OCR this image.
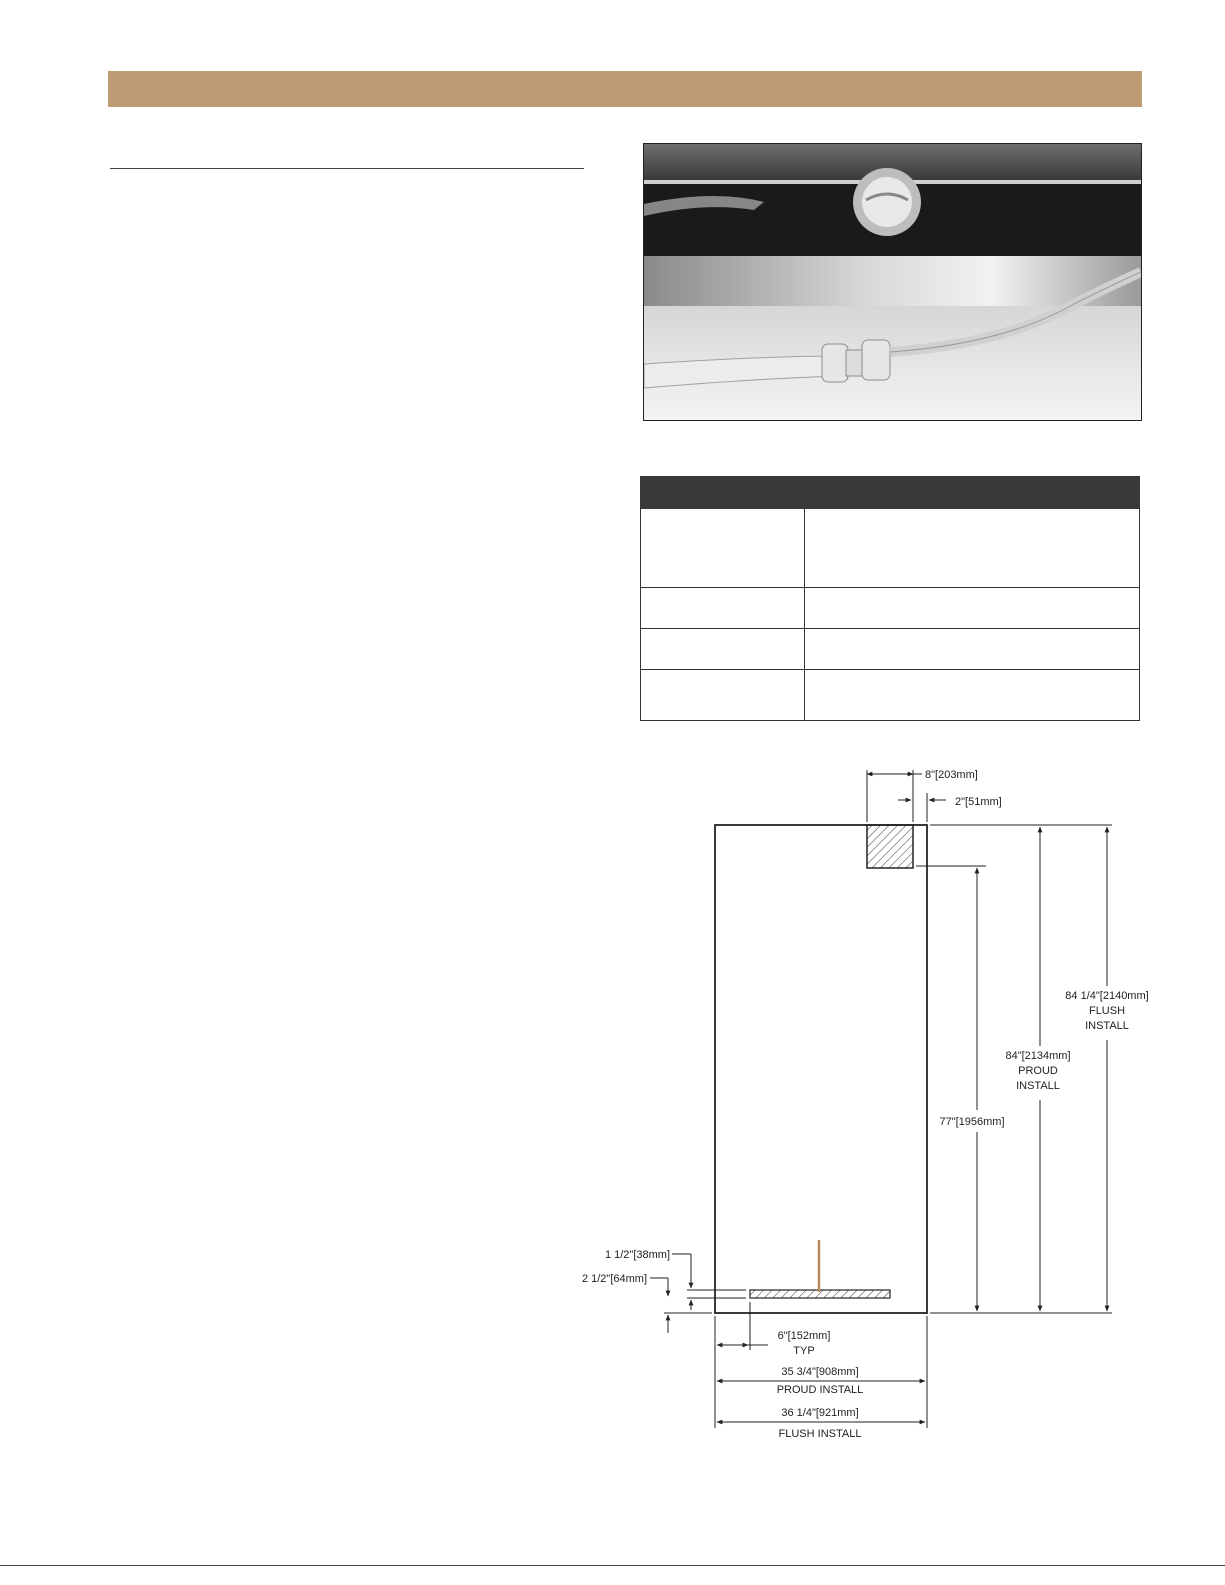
8"[203mm]
2"[51mm]
84 1/4"[2140mm]
FLUSH
INSTALL
84"[2134mm]
PROUD
INSTALL
77"[1956mm]
1 1/2"[38mm]
2 1/2"[64mm]
6"[152mm]
TYP
35 3/4"[908mm]
PROUD INSTALL
36 1/4"[921mm]
FLUSH INSTALL
